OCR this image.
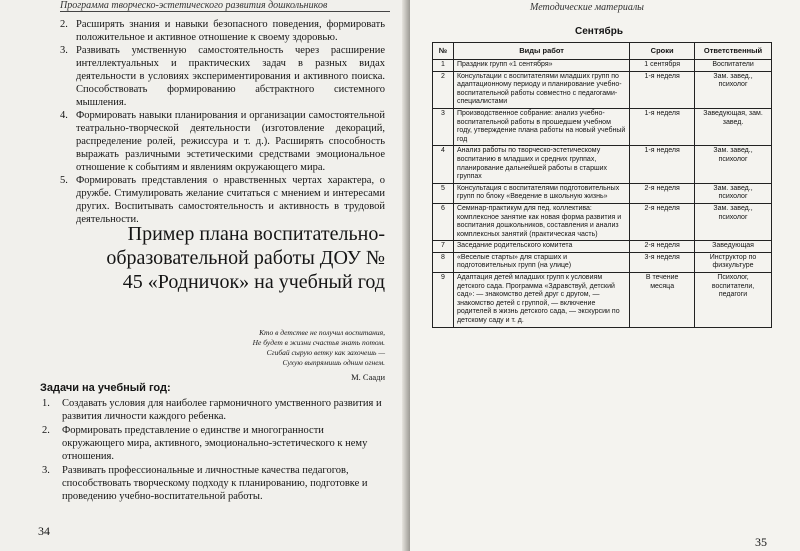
Программа творческо-эстетического развития дошкольников
2. Расширять знания и навыки безопасного поведения, формировать положительное и активное отношение к своему здоровью.
3. Развивать умственную самостоятельность через расширение интеллектуальных и практических задач в разных видах деятельности в условиях экспериментирования и активного поиска. Способствовать формированию абстрактного системного мышления.
4. Формировать навыки планирования и организации самостоятельной театрально-творческой деятельности (изготовление декораций, распределение ролей, режиссура и т. д.). Расширять способность выражать различными эстетическими средствами эмоциональное отношение к событиям и явлениям окружающего мира.
5. Формировать представления о нравственных чертах характера, о дружбе. Стимулировать желание считаться с мнением и интересами других. Воспитывать самостоятельность и активность в трудовой деятельности.
Пример плана воспитательно-образовательной работы ДОУ № 45 «Родничок» на учебный год
Кто в детстве не получил воспитания,
Не будет в жизни счастья знать потом.
Сгибай сырую ветку как захочешь —
Сухую выпрямишь одним огнем.
М. Саади
Задачи на учебный год:
1. Создавать условия для наиболее гармоничного умственного развития и развития личности каждого ребенка.
2. Формировать представление о единстве и многогранности окружающего мира, активного, эмоционально-эстетического к нему отношения.
3. Развивать профессиональные и личностные качества педагогов, способствовать творческому подходу к планированию, подготовке и проведению учебно-воспитательной работы.
34
Методические материалы
Сентябрь
№	Виды работ	Сроки	Ответственный
1	Праздник групп «1 сентября»	1 сентября	Воспитатели
2	Консультации с воспитателями младших групп по адаптационному периоду и планирование учебно-воспитательной работы совместно с педагогами-специалистами	1-я неделя	Зам. завед., психолог
3	Производственное собрание: анализ учебно-воспитательной работы в прошедшем учебном году, утверждение плана работы на новый учебный год	1-я неделя	Заведующая, зам. завед.
4	Анализ работы по творческо-эстетическому воспитанию в младших и средних группах, планирование дальнейшей работы в старших группах	1-я неделя	Зам. завед., психолог
5	Консультация с воспитателями подготовительных групп по блоку «Введение в школьную жизнь»	2-я неделя	Зам. завед., психолог
6	Семинар-практикум для пед. коллектива: комплексное занятие как новая форма развития и воспитания дошкольников, составления и анализ комплексных занятий (практическая часть)	2-я неделя	Зам. завед., психолог
7	Заседание родительского комитета	2-я неделя	Заведующая
8	«Веселые старты» для старших и подготовительных групп (на улице)	3-я неделя	Инструктор по физкультуре
9	Адаптация детей младших групп к условиям детского сада. Программа «Здравствуй, детский сад»: — знакомство детей друг с другом, — знакомство детей с группой, — включение родителей в жизнь детского сада, — экскурсии по детскому саду и т. д.	В течение месяца	Психолог, воспитатели, педагоги
35
